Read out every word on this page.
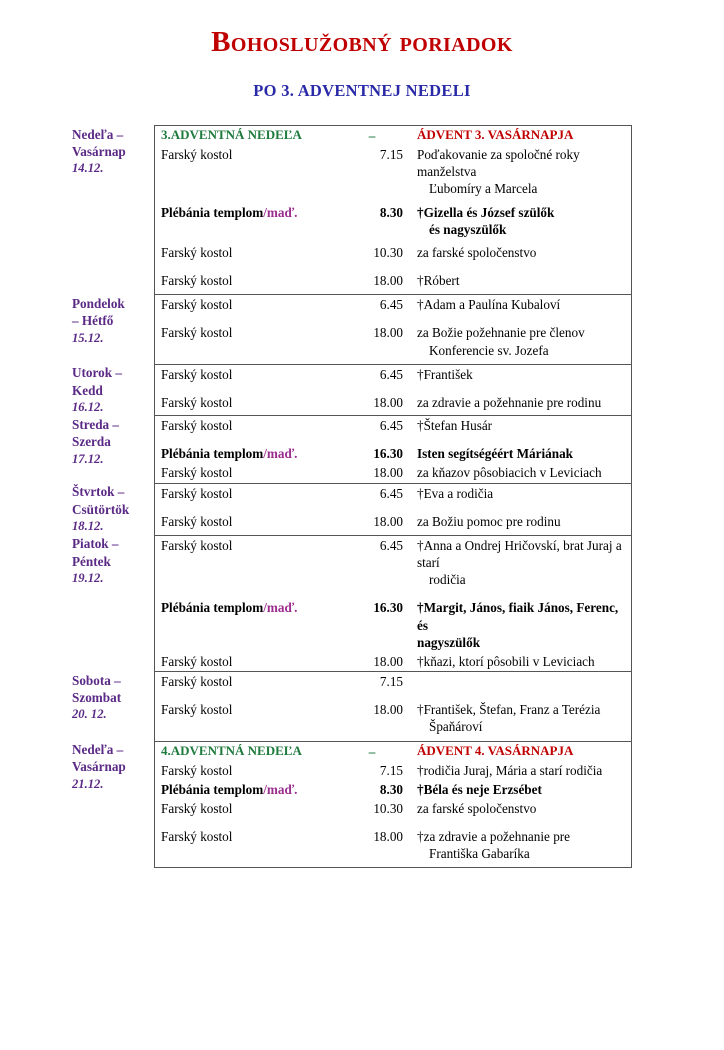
Bohoslužobný poriadok
PO 3. ADVENTNEJ NEDELI
Nedeľa –
Vasárnap
14.12.

3.ADVENTNÁ NEDEĽA	–	ÁDVENT 3. VASÁRNAPJA
Farský kostol	7.15	Poďakovanie za spoločné roky manželstva
Ľubomíry a Marcela

Plébánia templom/maď.	8.30	†Gizella és József szülők
és nagyszülők

Farský kostol	10.30	za farské spoločenstvo

Farský kostol	18.00	†Róbert

Pondelok
– Hétfő
15.12.

Farský kostol	6.45	†Adam a Paulína Kubaloví

Farský kostol	18.00	za Božie požehnanie pre členov
Konferencie sv. Jozefa

Utorok –
Kedd
16.12.

Farský kostol	6.45	†František

Farský kostol	18.00	za zdravie a požehnanie pre rodinu

Streda –
Szerda
17.12.

Farský kostol	6.45	†Štefan Husár

Plébánia templom/maď.	16.30	Isten segítségéért Máriának
Farský kostol	18.00	za kňazov pôsobiacich v Leviciach

Štvrtok –
Csütörtök
18.12.

Farský kostol	6.45	†Eva a rodičia

Farský kostol	18.00	za Božiu pomoc pre rodinu

Piatok –
Péntek
19.12.

Farský kostol	6.45	†Anna a Ondrej Hričovskí, brat Juraj a starí
rodičia

Plébánia templom/maď.	16.30	†Margit, János, fiaik János, Ferenc, és
nagyszülők

Farský kostol	18.00	†kňazi, ktorí pôsobili v Leviciach

Sobota –
Szombat
20. 12.

Farský kostol	7.15	

Farský kostol	18.00	†František, Štefan, Franz a Terézia
Špaňároví

Nedeľa –
Vasárnap
21.12.

4.ADVENTNÁ NEDEĽA	–	ÁDVENT 4. VASÁRNAPJA
Farský kostol	7.15	†rodičia Juraj, Mária a starí rodičia
Plébánia templom/maď.	8.30	†Béla és neje Erzsébet
Farský kostol	10.30	za farské spoločenstvo

Farský kostol	18.00	†za zdravie a požehnanie pre
Františka Gabaríka
